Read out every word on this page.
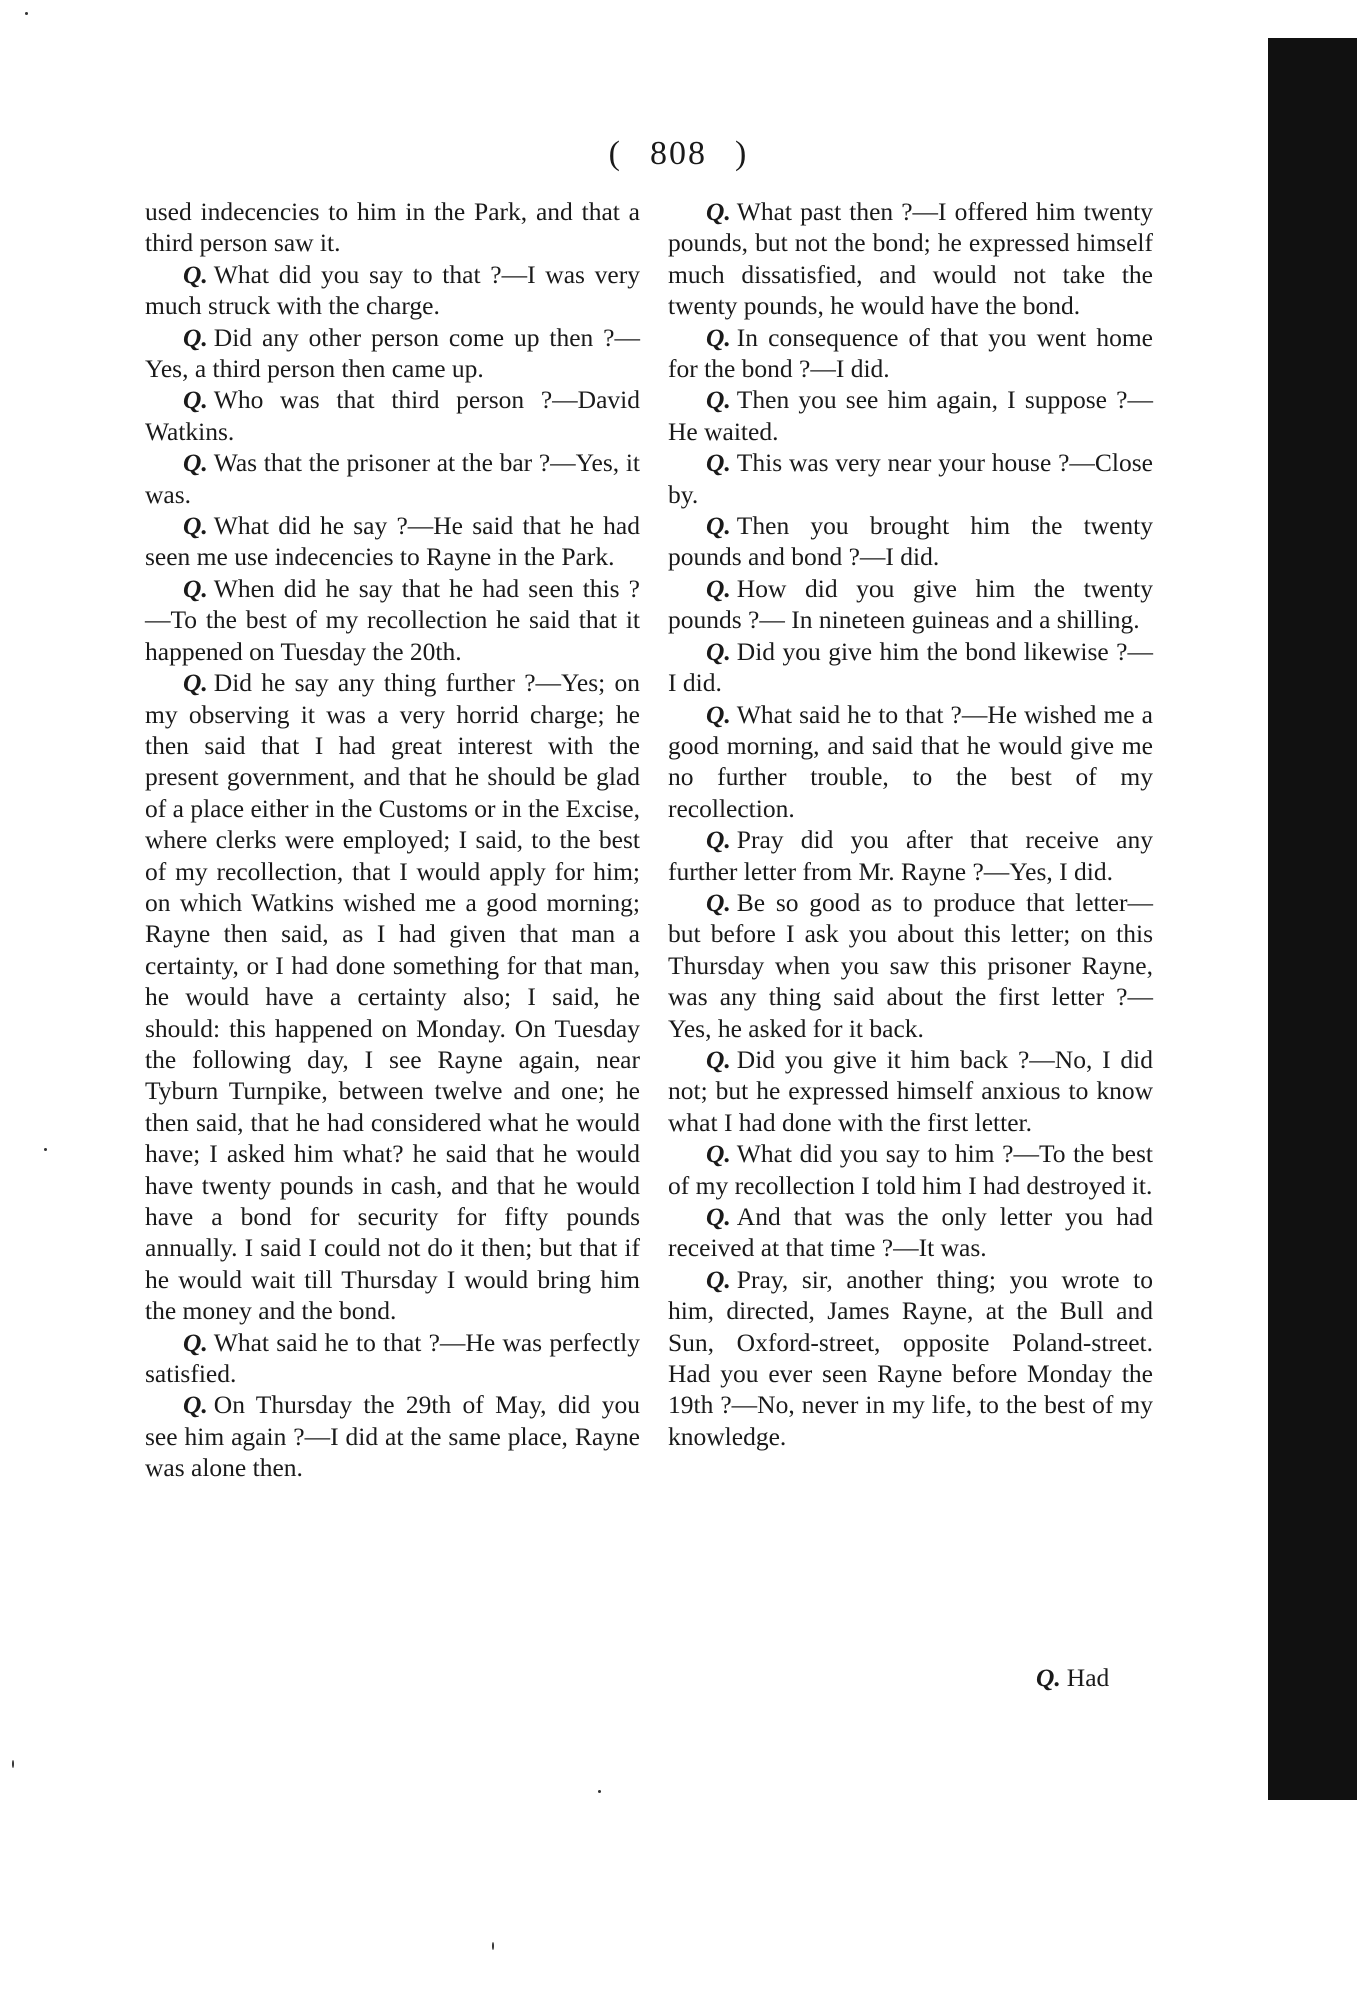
( 808 )

used indecencies to him in the Park, and that a third person saw it.

Q. What did you say to that ?—I was very much struck with the charge.

Q. Did any other person come up then ?—Yes, a third person then came up.

Q. Who was that third person ?—David Watkins.

Q. Was that the prisoner at the bar ?—Yes, it was.

Q. What did he say ?—He said that he had seen me use indecencies to Rayne in the Park.

Q. When did he say that he had seen this ?—To the best of my recollection he said that it happened on Tuesday the 20th.

Q. Did he say any thing further ?—Yes; on my observing it was a very horrid charge; he then said that I had great interest with the present government, and that he should be glad of a place either in the Customs or in the Excise, where clerks were employed; I said, to the best of my recollection, that I would apply for him; on which Watkins wished me a good morning; Rayne then said, as I had given that man a certainty, or I had done something for that man, he would have a certainty also; I said, he should: this happened on Monday. On Tuesday the following day, I see Rayne again, near Tyburn Turnpike, between twelve and one; he then said, that he had considered what he would have; I asked him what? he said that he would have twenty pounds in cash, and that he would have a bond for security for fifty pounds annually. I said I could not do it then; but that if he would wait till Thursday I would bring him the money and the bond.

Q. What said he to that ?—He was perfectly satisfied.

Q. On Thursday the 29th of May, did you see him again ?—I did at the same place, Rayne was alone then.

Q. What past then ?—I offered him twenty pounds, but not the bond; he expressed himself much dissatisfied, and would not take the twenty pounds, he would have the bond.

Q. In consequence of that you went home for the bond ?—I did.

Q. Then you see him again, I suppose ?—He waited.

Q. This was very near your house ?—Close by.

Q. Then you brought him the twenty pounds and bond ?—I did.

Q. How did you give him the twenty pounds ?— In nineteen guineas and a shilling.

Q. Did you give him the bond likewise ?—I did.

Q. What said he to that ?—He wished me a good morning, and said that he would give me no further trouble, to the best of my recollection.

Q. Pray did you after that receive any further letter from Mr. Rayne ?—Yes, I did.

Q. Be so good as to produce that letter—but before I ask you about this letter; on this Thursday when you saw this prisoner Rayne, was any thing said about the first letter ?— Yes, he asked for it back.

Q. Did you give it him back ?—No, I did not; but he expressed himself anxious to know what I had done with the first letter.

Q. What did you say to him ?—To the best of my recollection I told him I had destroyed it.

Q. And that was the only letter you had received at that time ?—It was.

Q. Pray, sir, another thing; you wrote to him, directed, James Rayne, at the Bull and Sun, Oxford-street, opposite Poland-street. Had you ever seen Rayne before Monday the 19th ?—No, never in my life, to the best of my knowledge.

Q. Had
